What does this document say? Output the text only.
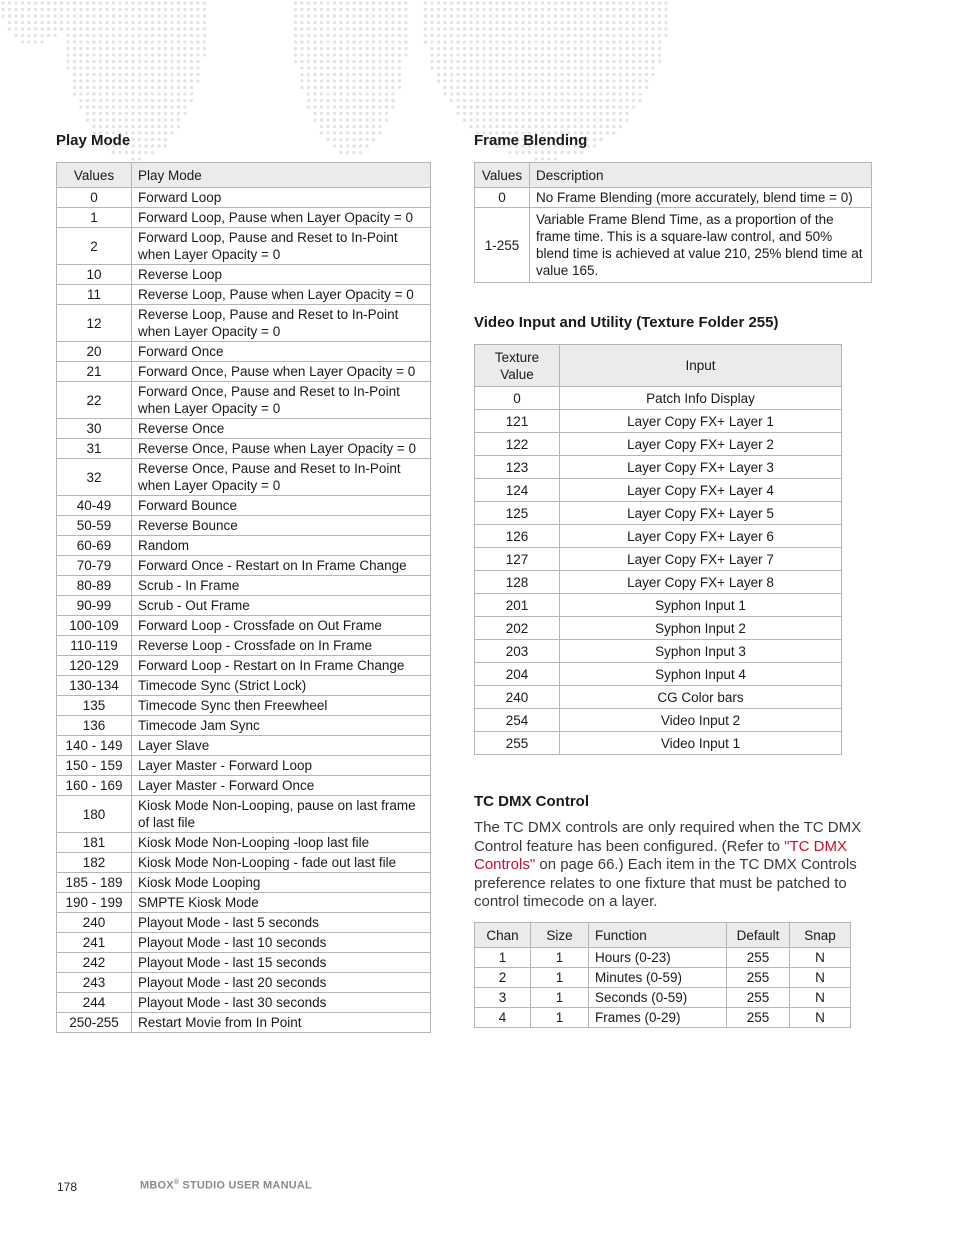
Play Mode
Values	Play Mode
0	Forward Loop
1	Forward Loop, Pause when Layer Opacity = 0
2	Forward Loop, Pause and Reset to In-Point when Layer Opacity = 0
10	Reverse Loop
11	Reverse Loop, Pause when Layer Opacity = 0
12	Reverse Loop, Pause and Reset to In-Point when Layer Opacity = 0
20	Forward Once
21	Forward Once, Pause when Layer Opacity = 0
22	Forward Once, Pause and Reset to In-Point when Layer Opacity = 0
30	Reverse Once
31	Reverse Once, Pause when Layer Opacity = 0
32	Reverse Once, Pause and Reset to In-Point when Layer Opacity = 0
40-49	Forward Bounce
50-59	Reverse Bounce
60-69	Random
70-79	Forward Once - Restart on In Frame Change
80-89	Scrub - In Frame
90-99	Scrub - Out Frame
100-109	Forward Loop - Crossfade on Out Frame
110-119	Reverse Loop - Crossfade on In Frame
120-129	Forward Loop - Restart on In Frame Change
130-134	Timecode Sync (Strict Lock)
135	Timecode Sync then Freewheel
136	Timecode Jam Sync
140 - 149	Layer Slave
150 - 159	Layer Master - Forward Loop
160 - 169	Layer Master - Forward Once
180	Kiosk Mode Non-Looping, pause on last frame of last file
181	Kiosk Mode Non-Looping -loop last file
182	Kiosk Mode Non-Looping - fade out last file
185 - 189	Kiosk Mode Looping
190 - 199	SMPTE Kiosk Mode
240	Playout Mode - last 5 seconds
241	Playout Mode - last 10 seconds
242	Playout Mode - last 15 seconds
243	Playout Mode - last 20 seconds
244	Playout Mode - last 30 seconds
250-255	Restart Movie from In Point
Frame Blending
Values	Description
0	No Frame Blending (more accurately, blend time = 0)
1-255	Variable Frame Blend Time, as a proportion of the frame time. This is a square-law control, and 50% blend time is achieved at value 210, 25% blend time at value 165.
Video Input and Utility (Texture Folder 255)
Texture Value	Input
0	Patch Info Display
121	Layer Copy FX+ Layer 1
122	Layer Copy FX+ Layer 2
123	Layer Copy FX+ Layer 3
124	Layer Copy FX+ Layer 4
125	Layer Copy FX+ Layer 5
126	Layer Copy FX+ Layer 6
127	Layer Copy FX+ Layer 7
128	Layer Copy FX+ Layer 8
201	Syphon Input 1
202	Syphon Input 2
203	Syphon Input 3
204	Syphon Input 4
240	CG Color bars
254	Video Input 2
255	Video Input 1
TC DMX Control

The TC DMX controls are only required when the TC DMX Control feature has been configured. (Refer to "TC DMX Controls" on page 66.) Each item in the TC DMX Controls preference relates to one fixture that must be patched to control timecode on a layer.

Chan	Size	Function	Default	Snap
1	1	Hours (0-23)	255	N
2	1	Minutes (0-59)	255	N
3	1	Seconds (0-59)	255	N
4	1	Frames (0-29)	255	N
178	MBOX® STUDIO USER MANUAL
